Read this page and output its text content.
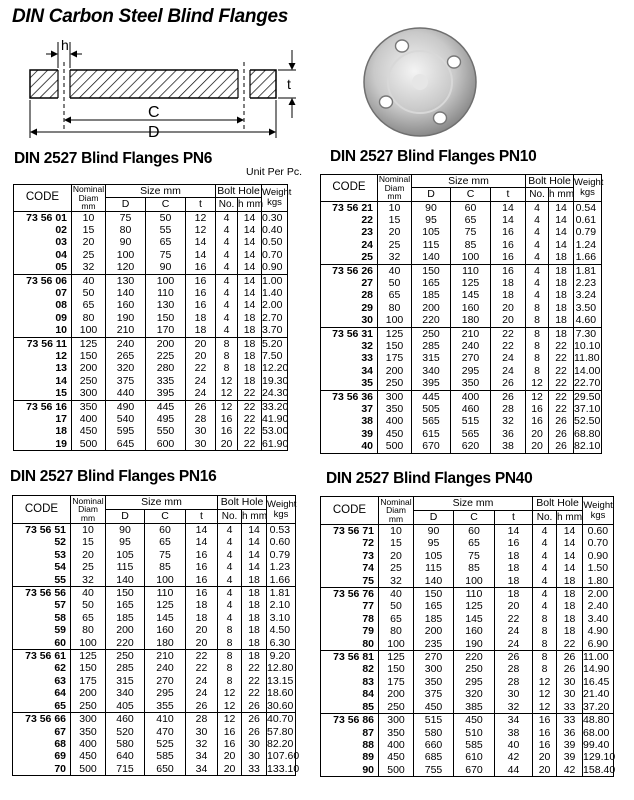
DIN Carbon Steel Blind Flanges
h
t
C
D
DIN 2527 Blind Flanges PN6
Unit Per Pc.
DIN 2527 Blind Flanges PN10
DIN 2527 Blind Flanges PN16	DIN 2527 Blind Flanges PN40
CODE	Nominal
Diam
mm	Size mm			Bolt Hole		Weight
kgs
		D	C	t	No.	h mm	
73 56 01	10	75	50	12	4	14	0.30
02	15	80	55	12	4	14	0.40
03	20	90	65	14	4	14	0.50
04	25	100	75	14	4	14	0.70
05	32	120	90	16	4	14	0.90
73 56 06	40	130	100	16	4	14	1.00
07	50	140	110	16	4	14	1.40
08	65	160	130	16	4	14	2.00
09	80	190	150	18	4	18	2.70
10	100	210	170	18	4	18	3.70
73 56 11	125	240	200	20	8	18	5.20
12	150	265	225	20	8	18	7.50
13	200	320	280	22	8	18	12.20
14	250	375	335	24	12	18	19.30
15	300	440	395	24	12	22	24.30
73 56 16	350	490	445	26	12	22	33.20
17	400	540	495	28	16	22	41.90
18	450	595	550	30	16	22	53.00
19	500	645	600	30	20	22	61.90
CODE	Nominal
Diam
mm	Size mm			Bolt Hole		Weight
kgs
		D	C	t	No.	h mm	
73 56 21	10	90	60	14	4	14	0.54
22	15	95	65	14	4	14	0.61
23	20	105	75	16	4	14	0.79
24	25	115	85	16	4	14	1.24
25	32	140	100	16	4	18	1.66
73 56 26	40	150	110	16	4	18	1.81
27	50	165	125	18	4	18	2.23
28	65	185	145	18	4	18	3.24
29	80	200	160	20	8	18	3.50
30	100	220	180	20	8	18	4.60
73 56 31	125	250	210	22	8	18	7.30
32	150	285	240	22	8	22	10.10
33	175	315	270	24	8	22	11.80
34	200	340	295	24	8	22	14.00
35	250	395	350	26	12	22	22.70
73 56 36	300	445	400	26	12	22	29.50
37	350	505	460	28	16	22	37.10
38	400	565	515	32	16	26	52.50
39	450	615	565	36	20	26	68.80
40	500	670	620	38	20	26	82.10
CODE	Nominal
Diam
mm	Size mm			Bolt Hole		Weight
kgs
		D	C	t	No.	h mm	
73 56 51	10	90	60	14	4	14	0.53
52	15	95	65	14	4	14	0.60
53	20	105	75	16	4	14	0.79
54	25	115	85	16	4	14	1.23
55	32	140	100	16	4	18	1.66
73 56 56	40	150	110	16	4	18	1.81
57	50	165	125	18	4	18	2.10
58	65	185	145	18	4	18	3.10
59	80	200	160	20	8	18	4.50
60	100	220	180	20	8	18	6.30
73 56 61	125	250	210	22	8	18	9.20
62	150	285	240	22	8	22	12.80
63	175	315	270	24	8	22	13.15
64	200	340	295	24	12	22	18.60
65	250	405	355	26	12	26	30.60
73 56 66	300	460	410	28	12	26	40.70
67	350	520	470	30	16	26	57.80
68	400	580	525	32	16	30	82.20
69	450	640	585	34	20	30	107.60
70	500	715	650	34	20	33	133.10
CODE	Nominal
Diam
mm	Size mm			Bolt Hole		Weight
kgs
		D	C	t	No.	h mm	
73 56 71	10	90	60	14	4	14	0.60
72	15	95	65	16	4	14	0.70
73	20	105	75	18	4	14	0.90
74	25	115	85	18	4	14	1.50
75	32	140	100	18	4	18	1.80
73 56 76	40	150	110	18	4	18	2.00
77	50	165	125	20	4	18	2.40
78	65	185	145	22	8	18	3.40
79	80	200	160	24	8	18	4.90
80	100	235	190	24	8	22	6.90
73 56 81	125	270	220	26	8	26	11.00
82	150	300	250	28	8	26	14.90
83	175	350	295	28	12	30	16.45
84	200	375	320	30	12	30	21.40
85	250	450	385	32	12	33	37.20
73 56 86	300	515	450	34	16	33	48.80
87	350	580	510	38	16	36	68.00
88	400	660	585	40	16	39	99.40
89	450	685	610	42	20	39	129.10
90	500	755	670	44	20	42	158.40
